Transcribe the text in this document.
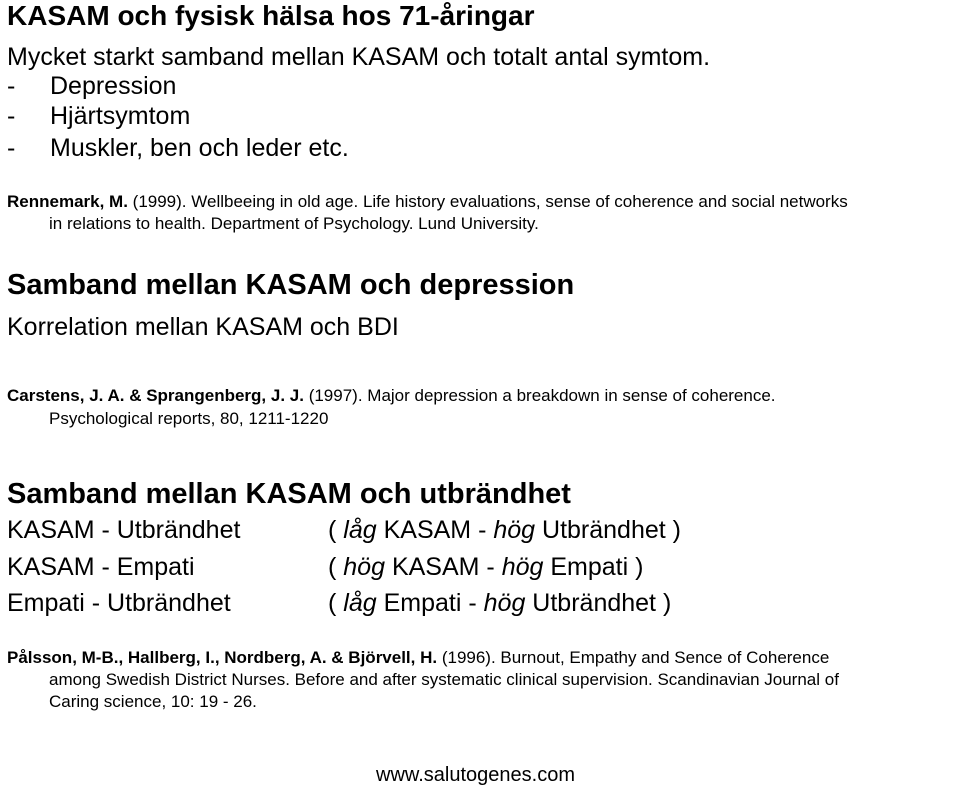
KASAM och fysisk hälsa hos 71-åringar
Mycket starkt samband mellan KASAM och totalt antal symtom.
- Depression
- Hjärtsymtom
- Muskler, ben och leder etc.
Rennemark, M. (1999). Wellbeeing in old age. Life history evaluations, sense of coherence and social networks
in relations to health. Department of Psychology. Lund University.
Samband mellan KASAM och depression
Korrelation mellan KASAM och BDI
Carstens, J. A. & Sprangenberg, J. J. (1997). Major depression a breakdown in sense of coherence.
Psychological reports, 80, 1211-1220
Samband mellan KASAM och utbrändhet
KASAM - Utbrändhet	( låg KASAM - hög Utbrändhet )
KASAM - Empati	( hög KASAM - hög Empati )
Empati - Utbrändhet	( låg Empati - hög Utbrändhet )
Pålsson, M-B., Hallberg, I., Nordberg, A. & Björvell, H. (1996). Burnout, Empathy and Sence of Coherence
among Swedish District Nurses. Before and after systematic clinical supervision. Scandinavian Journal of
Caring science, 10: 19 - 26.
www.salutogenes.com
